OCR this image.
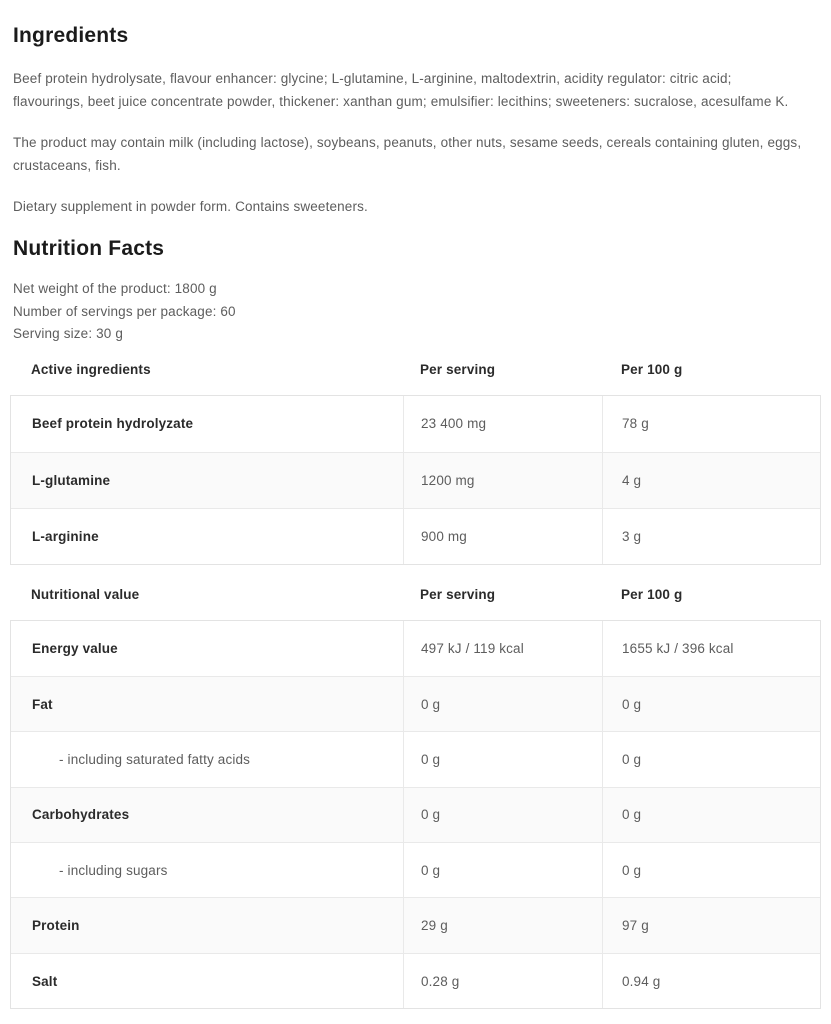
Ingredients

Beef protein hydrolysate, flavour enhancer: glycine; L-glutamine, L-arginine, maltodextrin, acidity regulator: citric acid;
flavourings, beet juice concentrate powder, thickener: xanthan gum; emulsifier: lecithins; sweeteners: sucralose, acesulfame K.

The product may contain milk (including lactose), soybeans, peanuts, other nuts, sesame seeds, cereals containing gluten, eggs,
crustaceans, fish.

Dietary supplement in powder form. Contains sweeteners.

Nutrition Facts
Net weight of the product: 1800 g
Number of servings per package: 60
Serving size: 30 g
Active ingredients	Per serving	Per 100 g
Beef protein hydrolyzate	23 400 mg	78 g
L-glutamine	1200 mg	4 g
L-arginine	900 mg	3 g
Nutritional value	Per serving	Per 100 g
Energy value	497 kJ / 119 kcal	1655 kJ / 396 kcal
Fat	0 g	0 g
- including saturated fatty acids	0 g	0 g
Carbohydrates	0 g	0 g
- including sugars	0 g	0 g
Protein	29 g	97 g
Salt	0.28 g	0.94 g
